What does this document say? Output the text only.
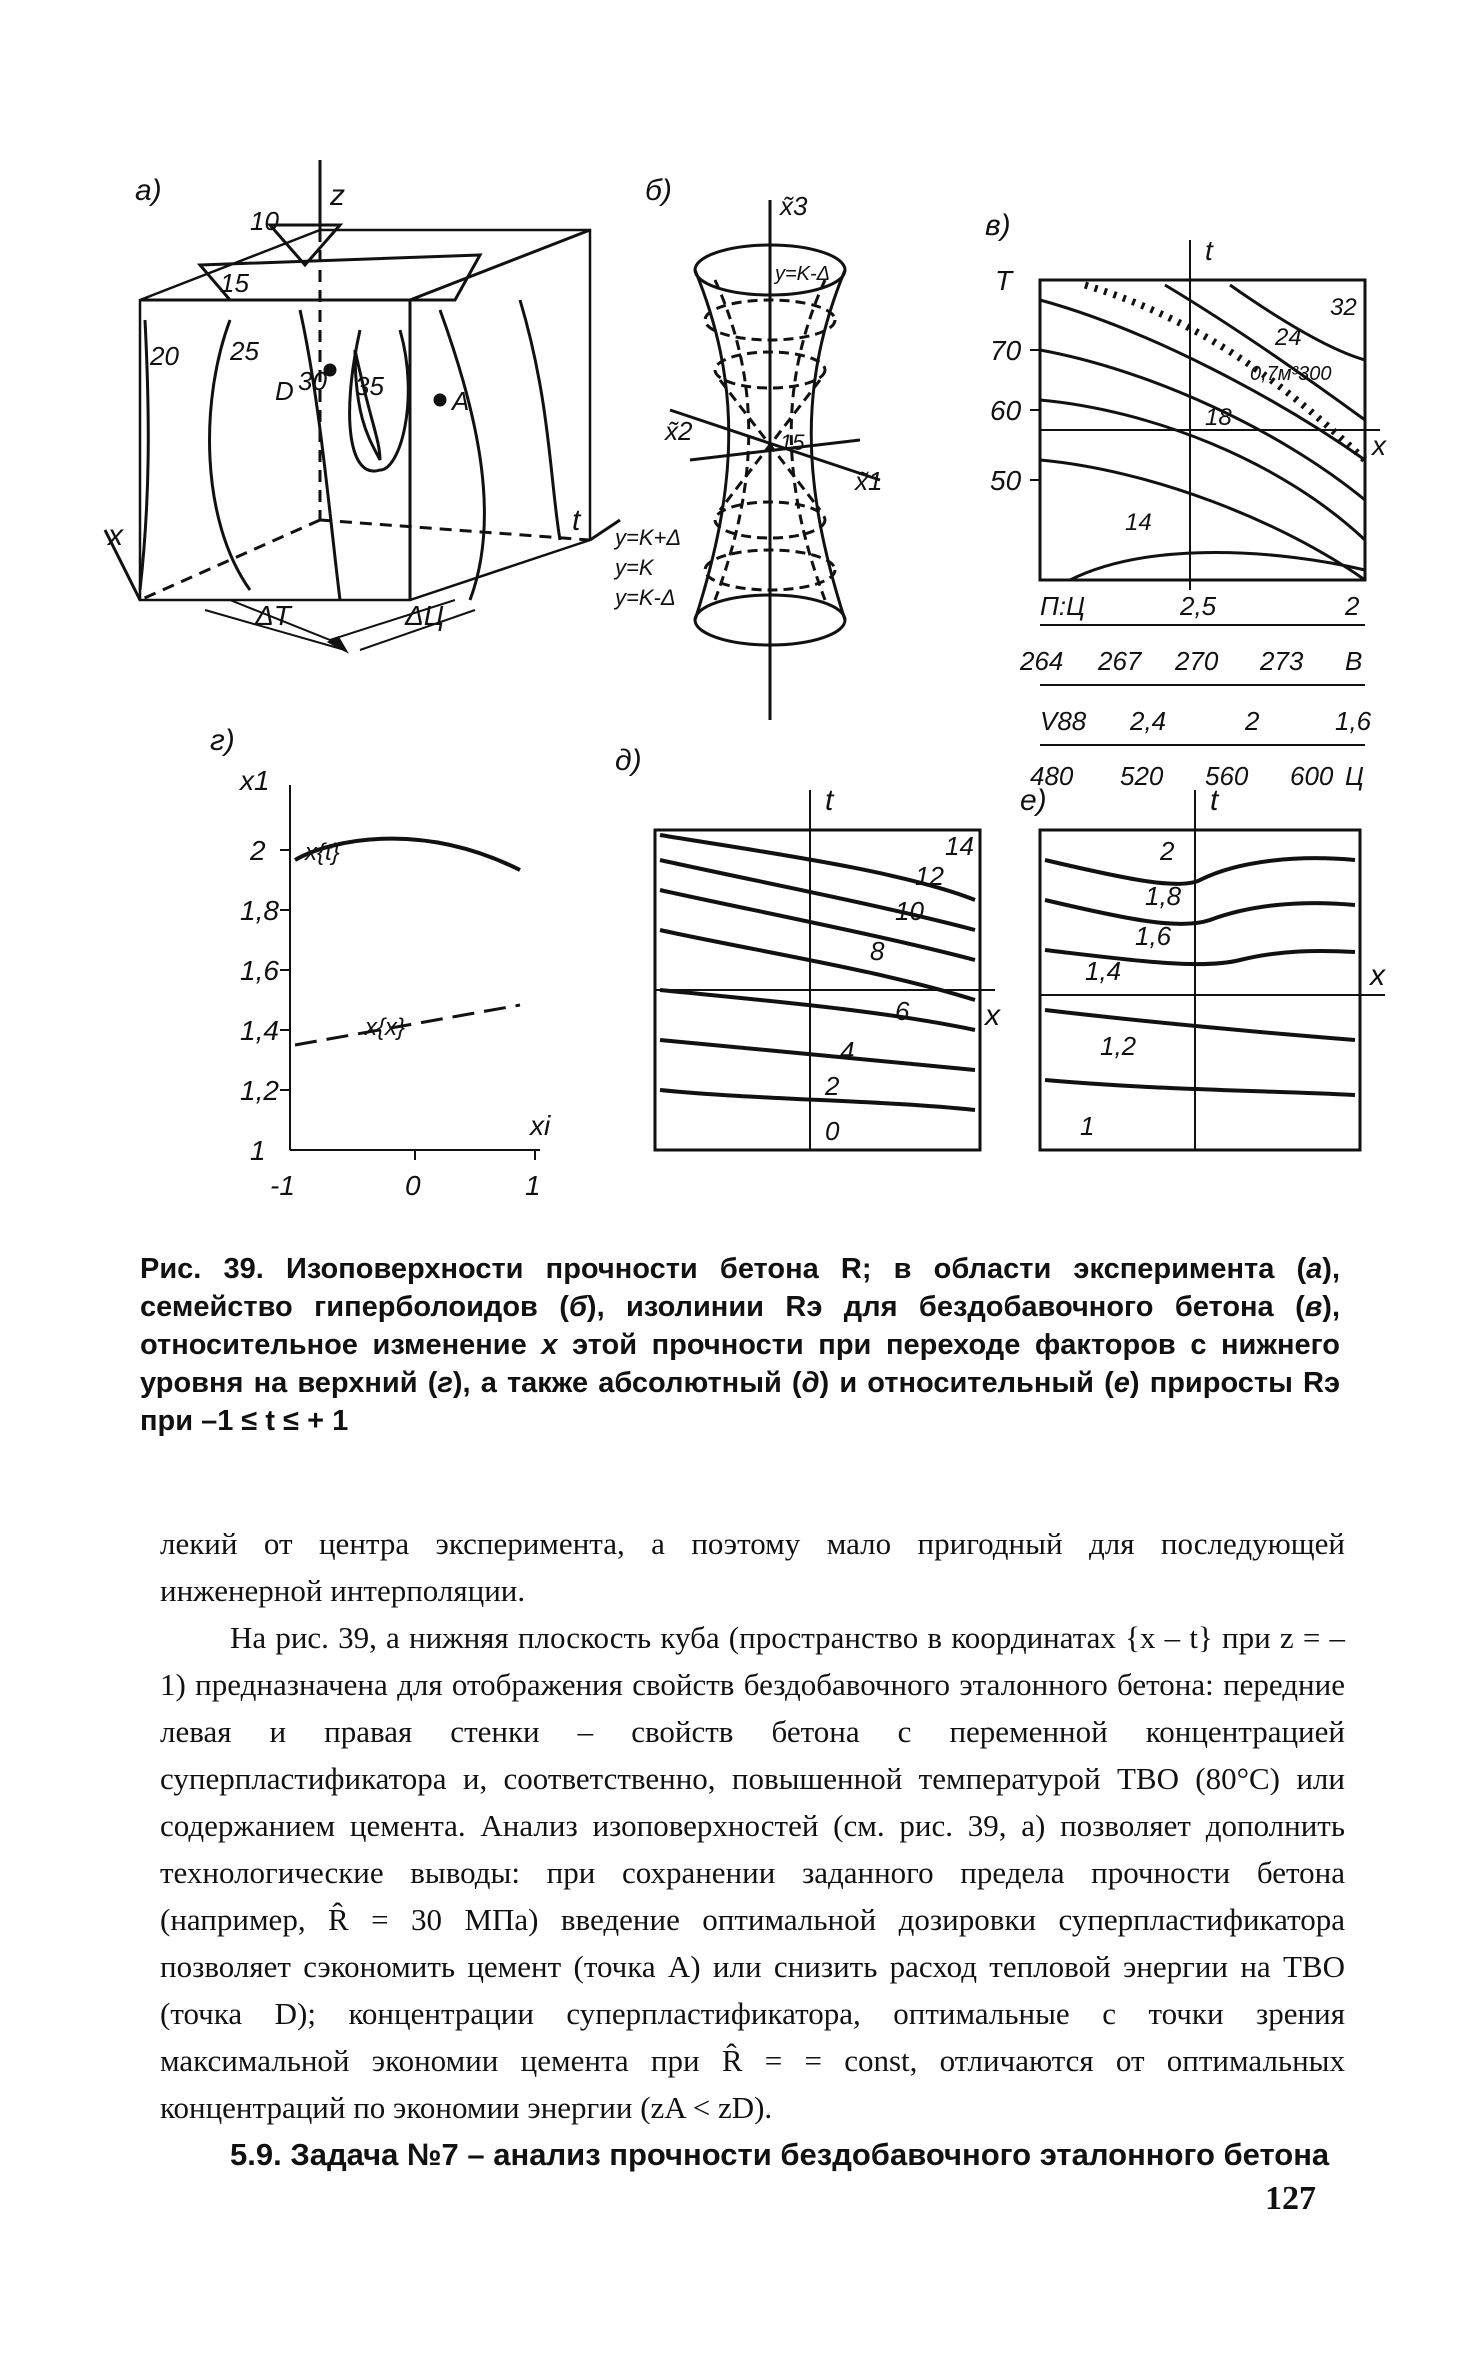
а)	z
x	t
10
15
20 25
30 35
D	A
ΔТ	ΔЦ
б)	x̃3
x̃2
x̃1
15
y=K-Δ
y=K+Δ
y=K
y=K-Δ
в)
t
x
T
70
60
50
32
24
18
14
0,7м³300
П:Ц	2,5	2
264 267 270 273 В
V88 2,4	2	1,6
480 520 560 600 Ц
г)
x1
2
1,8
1,6
1,4
1,2
1
-1	0	1
xi
x{t}
x{x}
д)
t
x
14
12
10
8
6
4
2
0
е)	t
x
2
1,8
1,6
1,4
1,2
1
Рис. 39. Изоповерхности прочности бетона R; в области эксперимента (а), семейство гиперболоидов (б), изолинии Rэ для бездобавочного бетона (в), относительное изменение x этой прочности при переходе факторов с нижнего уровня на верхний (г), а также абсолютный (д) и относительный (е) приросты Rэ при –1 ≤ t ≤ + 1

лекий от центра эксперимента, а поэтому мало пригодный для последующей инженерной интерполяции.

На рис. 39, а нижняя плоскость куба (пространство в координатах {x – t} при z = – 1) предназначена для отображения свойств бездобавочного эталонного бетона: передние левая и правая стенки – свойств бетона с переменной концентрацией суперпластификатора и, соответственно, повышенной температурой ТВО (80°С) или содержанием цемента. Анализ изоповерхностей (см. рис. 39, а) позволяет дополнить технологические выводы: при сохранении заданного предела прочности бетона (например, R̂ = 30 МПа) введение оптимальной дозировки суперпластификатора позволяет сэкономить цемент (точка А) или снизить расход тепловой энергии на ТВО (точка D); концентрации суперпластификатора, оптимальные с точки зрения максимальной экономии цемента при R̂ = = const, отличаются от оптимальных концентраций по экономии энергии (zA < zD).

5.9. Задача №7 – анализ прочности бездобавочного эталонного бетона

127
